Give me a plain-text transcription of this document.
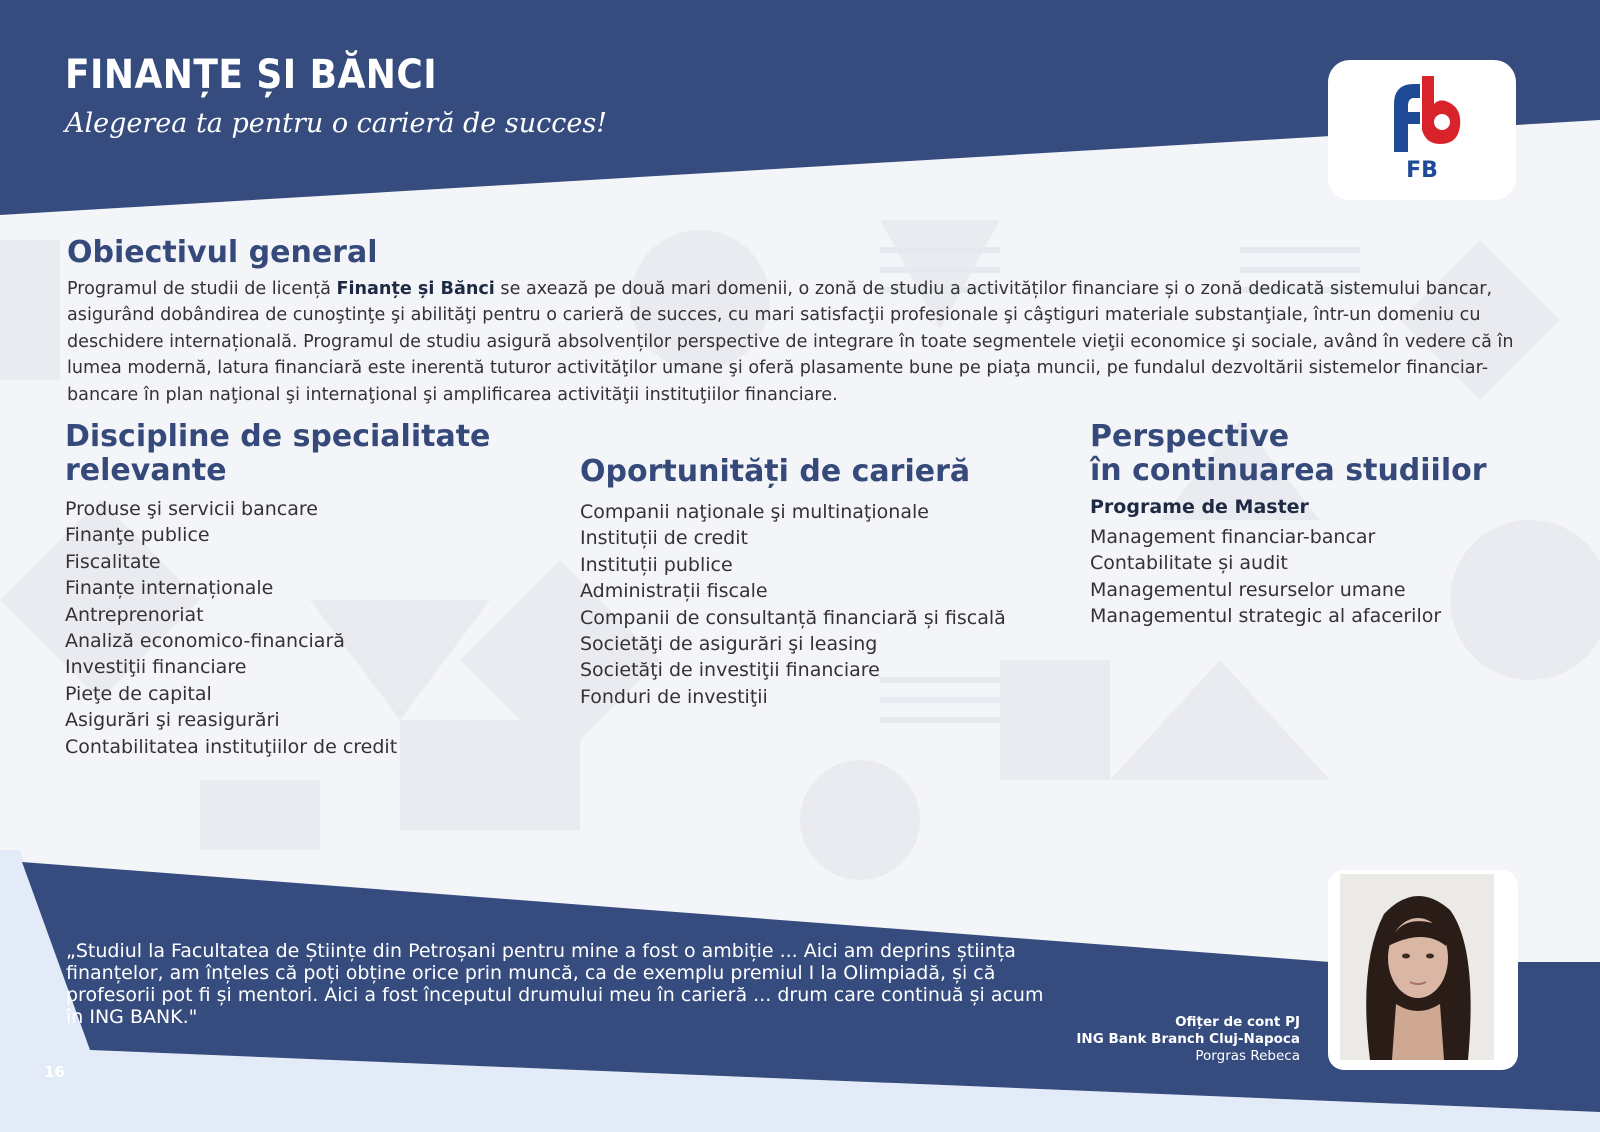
FINANȚE ȘI BĂNCI

Alegerea ta pentru o carieră de succes!

FB
Obiectivul general

Programul de studii de licență Finanțe și Bănci se axează pe două mari domenii, o zonă de studiu a activităților financiare și o zonă dedicată sistemului bancar, asigurând dobândirea de cunoştinţe şi abilităţi pentru o carieră de succes, cu mari satisfacţii profesionale şi câştiguri materiale substanţiale, într-un domeniu cu deschidere internațională. Programul de studiu asigură absolvenților perspective de integrare în toate segmentele vieţii economice şi sociale, având în vedere că în lumea modernă, latura financiară este inerentă tuturor activităţilor umane şi oferă plasamente bune pe piaţa muncii, pe fundalul dezvoltării sistemelor financiar-bancare în plan naţional şi internaţional şi amplificarea activităţii instituţiilor financiare.

Discipline de specialitate
relevante
Produse şi servicii bancare
Finanţe publice
Fiscalitate
Finanțe internaționale
Antreprenoriat
Analiză economico-financiară
Investiţii financiare
Pieţe de capital
Asigurări şi reasigurări
Contabilitatea instituţiilor de credit
Oportunități de carieră
Companii naţionale şi multinaţionale
Instituții de credit
Instituții publice
Administrații fiscale
Companii de consultanță financiară și fiscală
Societăţi de asigurări şi leasing
Societăţi de investiţii financiare
Fonduri de investiţii
Perspective
în continuarea studiilor
Programe de Master
Management financiar-bancar
Contabilitate și audit
Managementul resurselor umane
Managementul strategic al afacerilor

„Studiul la Facultatea de Științe din Petroșani pentru mine a fost o ambiție ... Aici am deprins știința finanțelor, am înțeles că poți obține orice prin muncă, ca de exemplu premiul I la Olimpiadă, și că profesorii pot fi și mentori. Aici a fost începutul drumului meu în carieră ... drum care continuă și acum în ING BANK."	Ofițer de cont PJ
ING Bank Branch Cluj-Napoca
Porgras Rebeca
16
